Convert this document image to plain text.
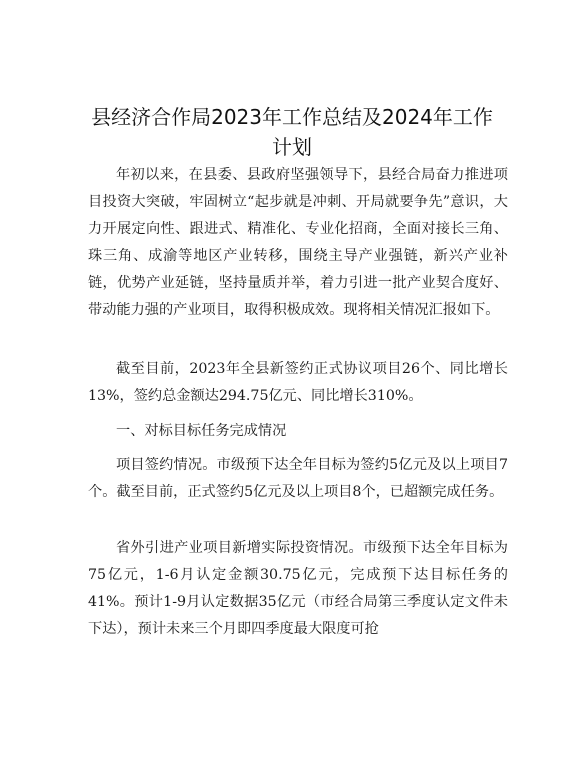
县经济合作局2023年工作总结及2024年工作
计划

年初以来，在县委、县政府坚强领导下，县经合局奋力推进项目投资大突破，牢固树立“起步就是冲刺、开局就要争先”意识，大力开展定向性、跟进式、精准化、专业化招商，全面对接长三角、珠三角、成渝等地区产业转移，围绕主导产业强链，新兴产业补链，优势产业延链，坚持量质并举，着力引进一批产业契合度好、带动能力强的产业项目，取得积极成效。现将相关情况汇报如下。

截至目前，2023年全县新签约正式协议项目26个、同比增长13%，签约总金额达294.75亿元、同比增长310%。

一、对标目标任务完成情况

项目签约情况。市级预下达全年目标为签约5亿元及以上项目7个。截至目前，正式签约5亿元及以上项目8个，已超额完成任务。

省外引进产业项目新增实际投资情况。市级预下达全年目标为75亿元，1-6月认定金额30.75亿元，完成预下达目标任务的41%。预计1-9月认定数据35亿元（市经合局第三季度认定文件未下达），预计未来三个月即四季度最大限度可抢
